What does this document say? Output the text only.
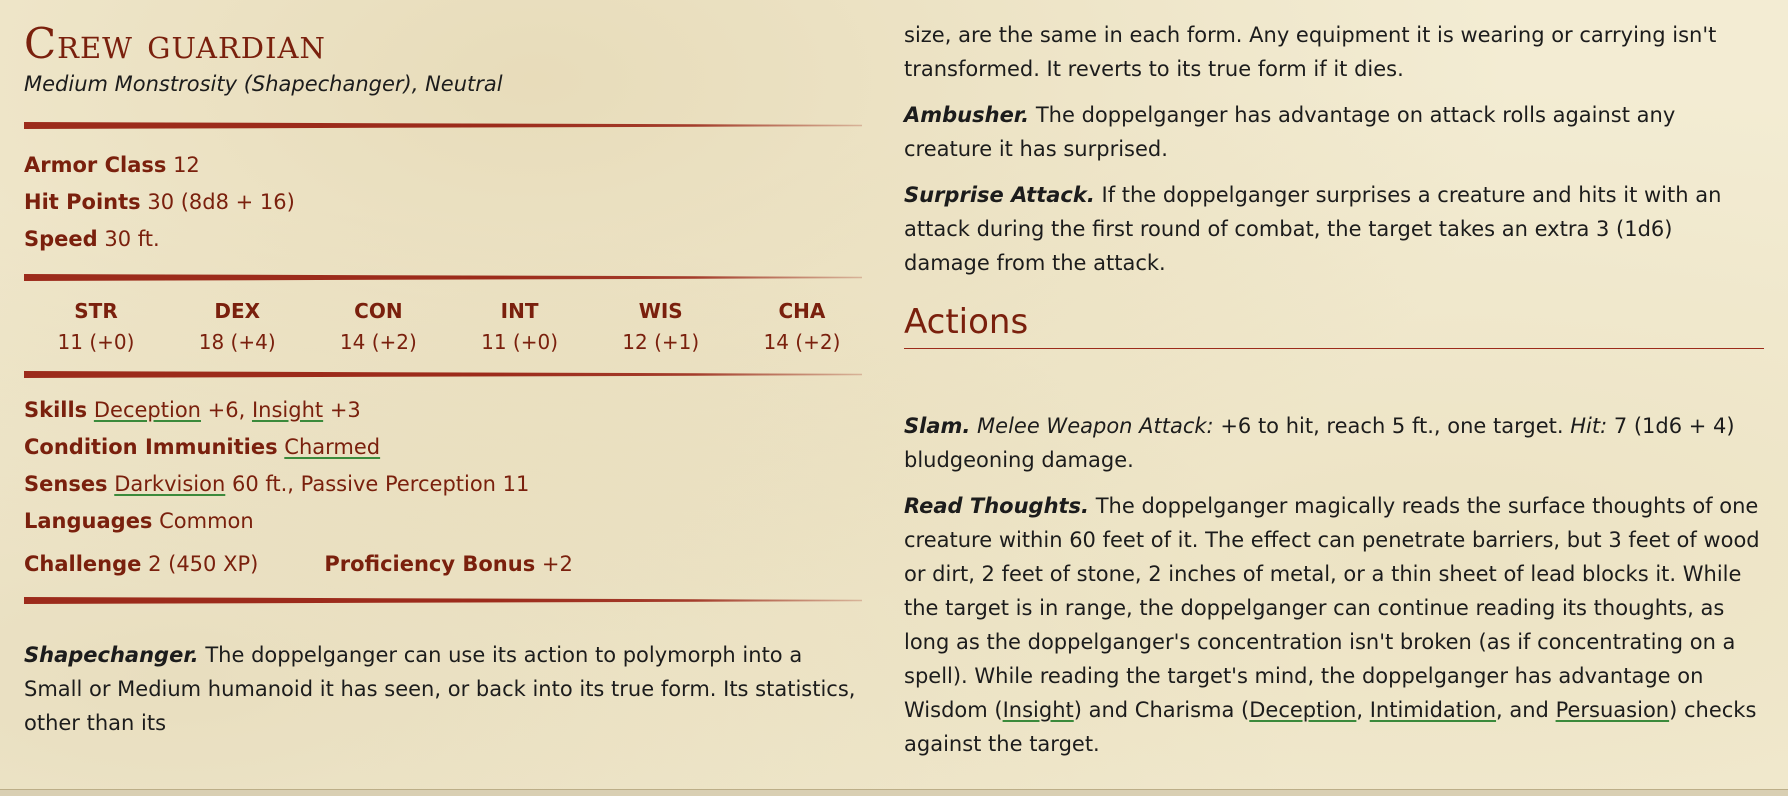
Crew guardian
Medium Monstrosity (Shapechanger), Neutral
Armor Class 12
Hit Points 30 (8d8 + 16)
Speed 30 ft.
STR
11 (+0)
DEX
18 (+4)
CON
14 (+2)
INT
11 (+0)
WIS
12 (+1)
CHA
14 (+2)
Skills Deception +6, Insight +3
Condition Immunities Charmed
Senses Darkvision 60 ft., Passive Perception 11
Languages Common
Challenge 2 (450 XP)	Proficiency Bonus +2

Shapechanger. The doppelganger can use its action to polymorph into a Small or Medium humanoid it has seen, or back into its true form. Its statistics, other than its

size, are the same in each form. Any equipment it is wearing or carrying isn't transformed. It reverts to its true form if it dies.

Ambusher. The doppelganger has advantage on attack rolls against any creature it has surprised.

Surprise Attack. If the doppelganger surprises a creature and hits it with an attack during the first round of combat, the target takes an extra 3 (1d6) damage from the attack.

Actions

Slam. Melee Weapon Attack: +6 to hit, reach 5 ft., one target. Hit: 7 (1d6 + 4) bludgeoning damage.

Read Thoughts. The doppelganger magically reads the surface thoughts of one creature within 60 feet of it. The effect can penetrate barriers, but 3 feet of wood or dirt, 2 feet of stone, 2 inches of metal, or a thin sheet of lead blocks it. While the target is in range, the doppelganger can continue reading its thoughts, as long as the doppelganger's concentration isn't broken (as if concentrating on a spell). While reading the target's mind, the doppelganger has advantage on Wisdom (Insight) and Charisma (Deception, Intimidation, and Persuasion) checks against the target.
